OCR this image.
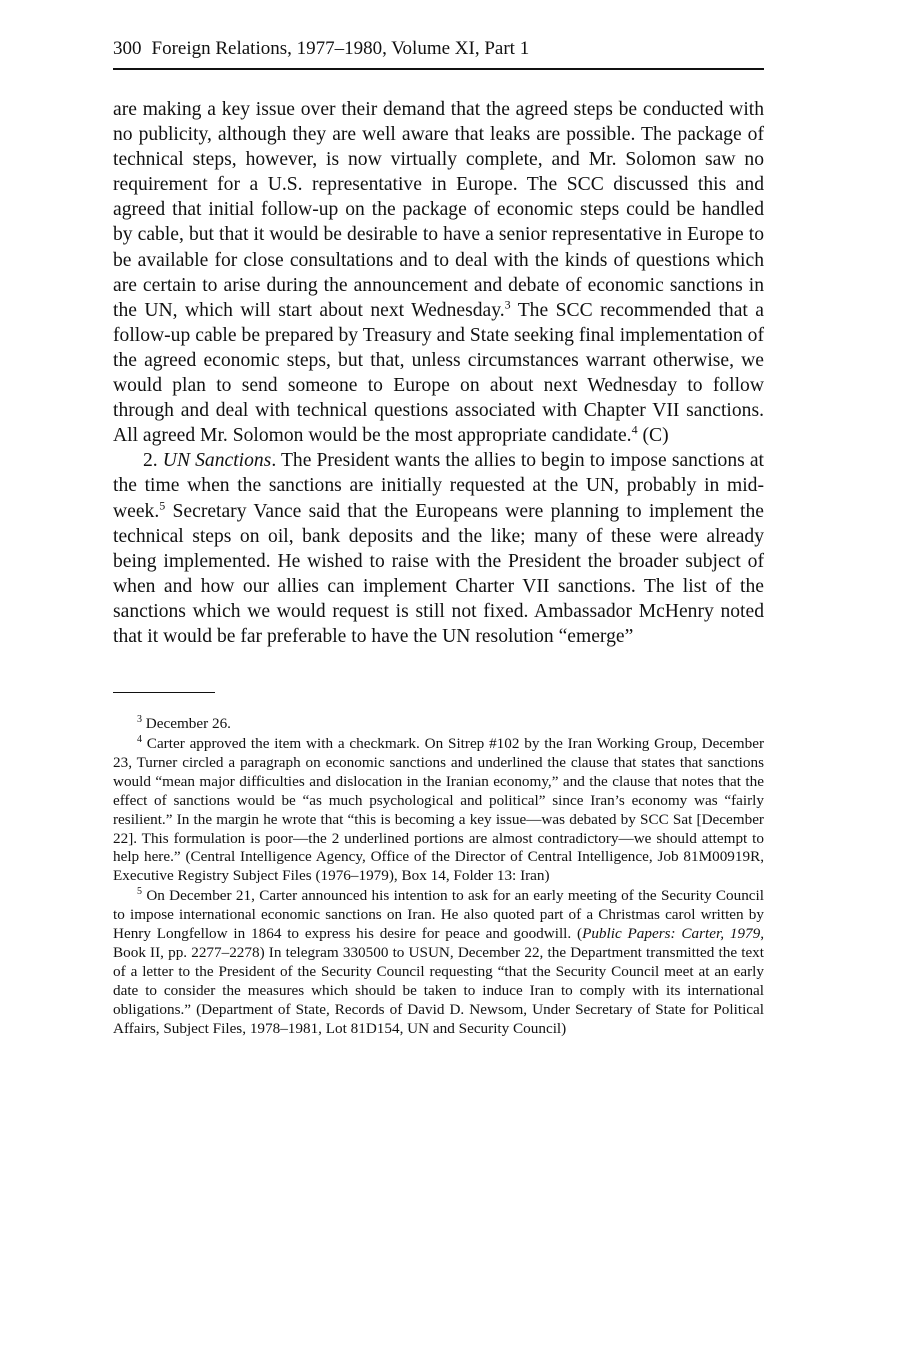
300 Foreign Relations, 1977–1980, Volume XI, Part 1

are making a key issue over their demand that the agreed steps be conducted with no publicity, although they are well aware that leaks are possible. The package of technical steps, however, is now virtually complete, and Mr. Solomon saw no requirement for a U.S. representative in Europe. The SCC discussed this and agreed that initial follow-up on the package of economic steps could be handled by cable, but that it would be desirable to have a senior representative in Europe to be available for close consultations and to deal with the kinds of questions which are certain to arise during the announcement and debate of economic sanctions in the UN, which will start about next Wednesday.$^3$ The SCC recommended that a follow-up cable be prepared by Treasury and State seeking final implementation of the agreed economic steps, but that, unless circumstances warrant otherwise, we would plan to send someone to Europe on about next Wednesday to follow through and deal with technical questions associated with Chapter VII sanctions. All agreed Mr. Solomon would be the most appropriate candidate.$^4$ (C)

2. UN Sanctions. The President wants the allies to begin to impose sanctions at the time when the sanctions are initially requested at the UN, probably in mid-week.$^5$ Secretary Vance said that the Europeans were planning to implement the technical steps on oil, bank deposits and the like; many of these were already being implemented. He wished to raise with the President the broader subject of when and how our allies can implement Charter VII sanctions. The list of the sanctions which we would request is still not fixed. Ambassador McHenry noted that it would be far preferable to have the UN resolution “emerge”

$^3$ December 26.

$^4$ Carter approved the item with a checkmark. On Sitrep #102 by the Iran Working Group, December 23, Turner circled a paragraph on economic sanctions and underlined the clause that states that sanctions would “mean major difficulties and dislocation in the Iranian economy,” and the clause that notes that the effect of sanctions would be “as much psychological and political” since Iran’s economy was “fairly resilient.” In the margin he wrote that “this is becoming a key issue—was debated by SCC Sat [December 22]. This formulation is poor—the 2 underlined portions are almost contradictory—we should attempt to help here.” (Central Intelligence Agency, Office of the Director of Central Intelligence, Job 81M00919R, Executive Registry Subject Files (1976–1979), Box 14, Folder 13: Iran)

$^5$ On December 21, Carter announced his intention to ask for an early meeting of the Security Council to impose international economic sanctions on Iran. He also quoted part of a Christmas carol written by Henry Longfellow in 1864 to express his desire for peace and goodwill. (Public Papers: Carter, 1979, Book II, pp. 2277–2278) In telegram 330500 to USUN, December 22, the Department transmitted the text of a letter to the President of the Security Council requesting “that the Security Council meet at an early date to consider the measures which should be taken to induce Iran to comply with its international obligations.” (Department of State, Records of David D. Newsom, Under Secretary of State for Political Affairs, Subject Files, 1978–1981, Lot 81D154, UN and Security Council)
